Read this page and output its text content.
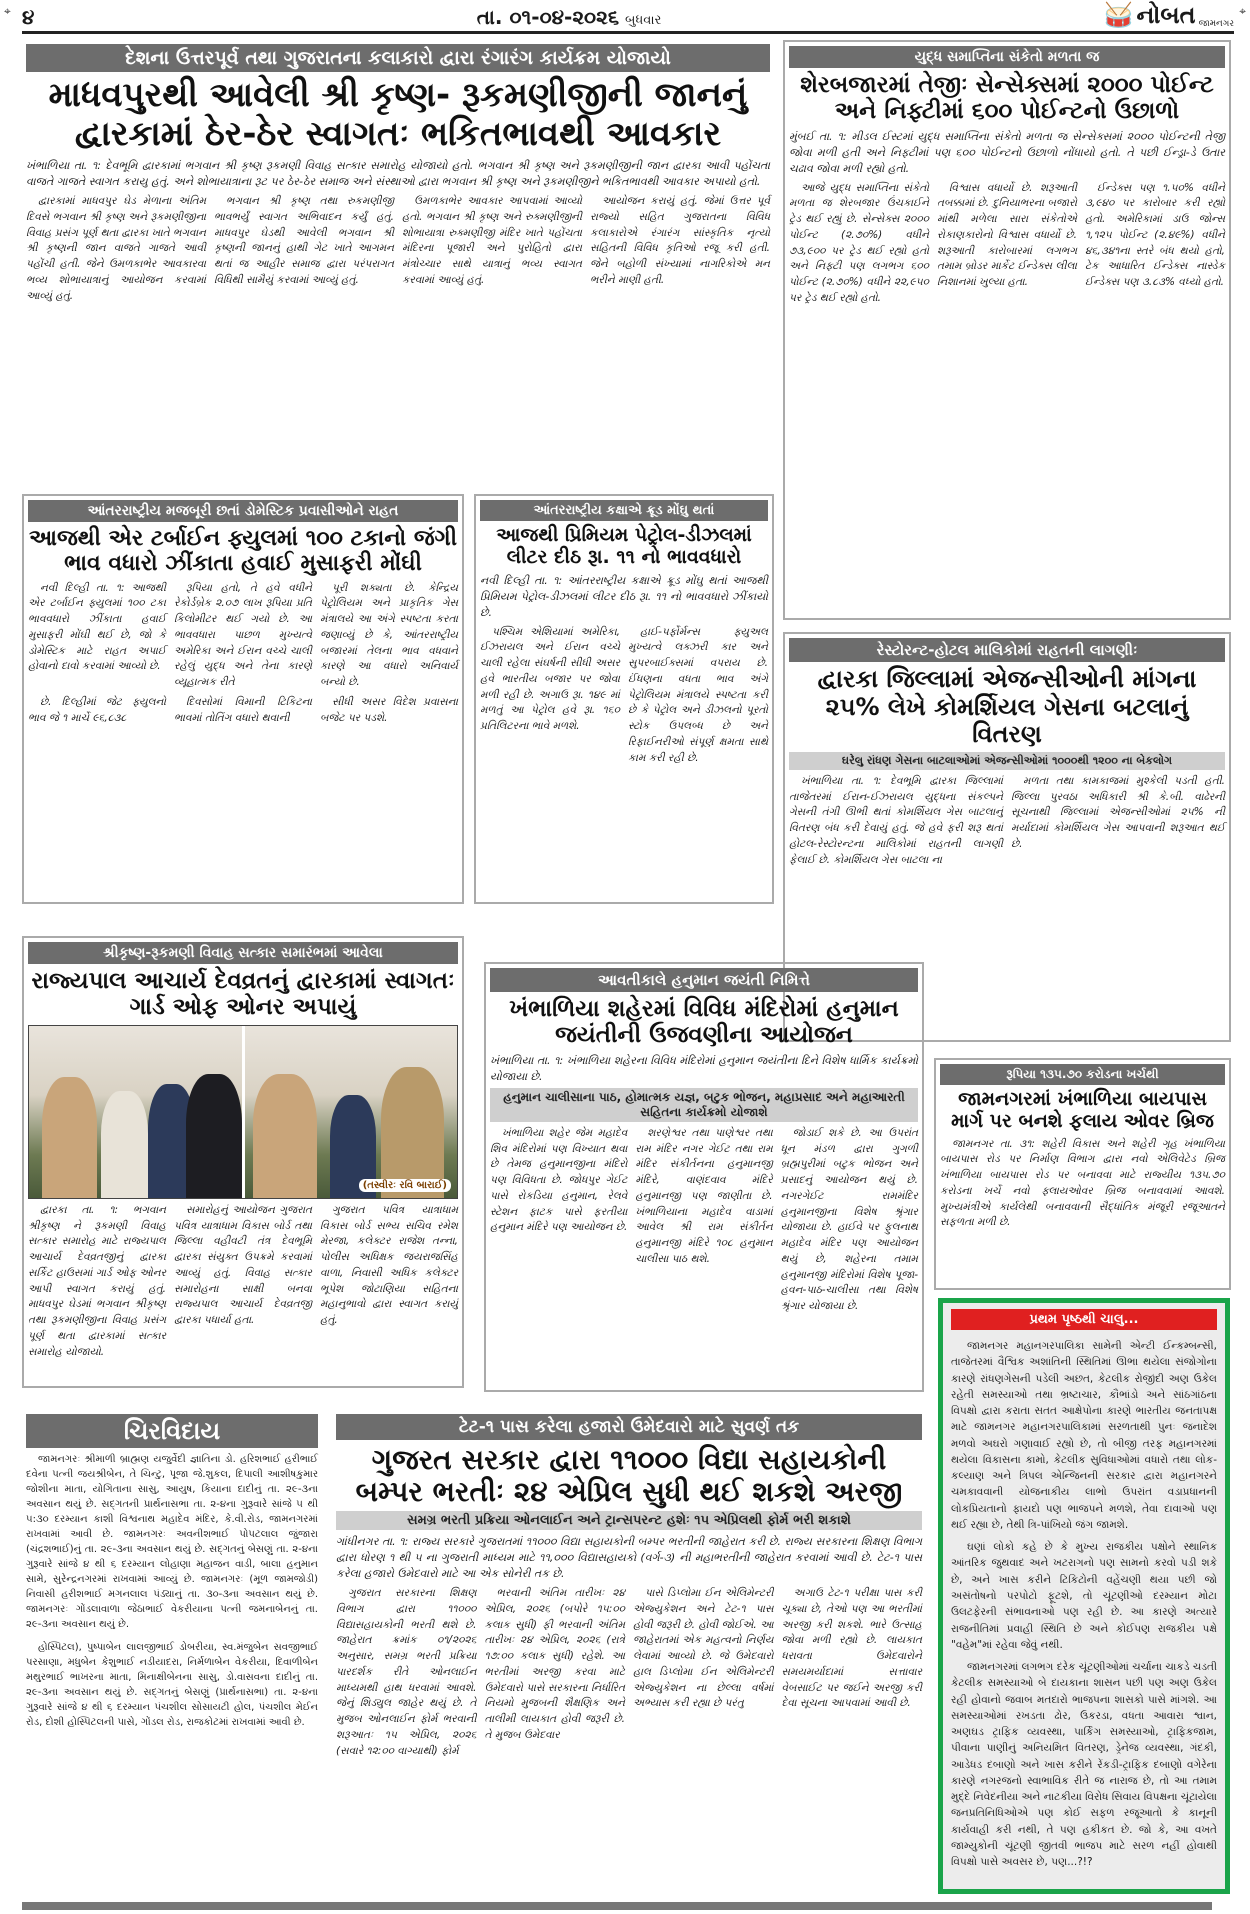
⌖	⌖
૪	તા. ૦૧-૦૪-૨૦૨૬ બુધવાર	🥁 નોબત જામનગર
દેશના ઉત્તરપૂર્વ તથા ગુજરાતના કલાકારો દ્વારા રંગારંગ કાર્યક્રમ યોજાયો
માધવપુરથી આવેલી શ્રી કૃષ્ણ- રૂકમણીજીની જાનનું દ્વારકામાં ઠેર-ઠેર સ્વાગતઃ ભકિતભાવથી આવકાર
ખંભાળિયા તા. ૧: દેવભૂમિ દ્વારકામાં ભગવાન શ્રી કૃષ્ણ રૂકમણી વિવાહ સત્કાર સમારોહ યોજાયો હતો. ભગવાન શ્રી કૃષ્ણ અને રૂકમણીજીની જાન દ્વારકા આવી પહોંચતા વાજતે ગાજતે સ્વાગત કરાયુ હતું. અને શોભાયાત્રાના રૂટ પર ઠેર-ઠેર સમાજ અને સંસ્થાઓ દ્વારા ભગવાન શ્રી કૃષ્ણ અને રૂકમણીજીને ભકિતભાવથી આવકાર અપાયો હતો.

દ્વારકામાં માધવપુર ઘેડ મેળાના અંતિમ દિવસે ભગવાન શ્રી કૃષ્ણ અને રૂકમણીજીના વિવાહ પ્રસંગ પૂર્ણ થતા દ્વારકા ખાતે ભગવાન શ્રી કૃષ્ણની જાન વાજતે ગાજતે આવી પહોંચી હતી. જેને ઉમળકાભેર આવકારવા ભવ્ય શોભાયાત્રાનું આયોજન કરવામાં આવ્યું હતું.

ભગવાન શ્રી કૃષ્ણ તથા રુકમણીજી ભાવભર્યું સ્વાગત અભિવાદન કર્યું હતું. માધવપુર ઘેડથી આવેલી ભગવાન શ્રી કૃષ્ણની જાનનું હાથી ગેટ ખાતે આગમન થતાં જ આહીર સમાજ દ્વારા પરંપરાગત વિધિથી સામૈયું કરવામાં આવ્યું હતું.

ઉમળકાભેર આવકાર આપવામાં આવ્યો હતો. ભગવાન શ્રી કૃષ્ણ અને રુક્મણીજીની શોભાયાત્રા રુક્મણીજી મંદિર ખાતે પહોંચતા મંદિરના પૂજારી અને પુરોહિતો દ્વારા મંત્રોચ્ચાર સાથે યાત્રાનું ભવ્ય સ્વાગત કરવામાં આવ્યું હતું.

આયોજન કરાયું હતું. જેમાં ઉત્તર પૂર્વ રાજ્યો સહિત ગુજરાતના વિવિધ કલાકારોએ રંગારંગ સાંસ્કૃતિક નૃત્યો સહિતની વિવિધ કૃતિઓ રજૂ કરી હતી. જેને બહોળી સંખ્યામાં નાગરિકોએ મન ભરીને માણી હતી.

યુદ્ધ સમાપ્તિના સંકેતો મળતા જ
શેરબજારમાં તેજીઃ સેન્સેક્સમાં ૨૦૦૦ પોઈન્ટ અને નિફ્ટીમાં ૬૦૦ પોઈન્ટનો ઉછાળો
મુંબઈ તા. ૧: મીડલ ઈસ્ટમાં યુદ્ધ સમાપ્તિના સંકેતો મળતા જ સેન્સેક્સમાં ૨૦૦૦ પોઈન્ટની તેજી જોવા મળી હતી અને નિફ્ટીમાં પણ ૬૦૦ પોઈન્ટનો ઉછાળો નોંધાયો હતો. તે પછી ઈન્ડ્રા-ડે ઉતાર ચઢાવ જોવા મળી રહ્યો હતો.

આજે યુદ્ધ સમાપ્તિના સંકેતો મળતા જ શેરબજાર ઉંચકાઈને ટ્રેડ થઈ રહ્યું છે. સેન્સેક્સ ૨૦૦૦ પોઈન્ટ (૨.૭૦%) વધીને ૭૩,૯૦૦ પર ટ્રેડ થઈ રહ્યો હતો અને નિફ્ટી પણ લગભગ ૬૦૦ પોઈન્ટ (૨.૭૦%) વધીને ૨૨,૯૫૦ પર ટ્રેડ થઈ રહ્યો હતો.

વિશ્વાસ વધાર્યો છે. શરૂઆતી તબક્કામાં છે. દુનિયાભરના બજારો માંથી મળેલા સારા સંકેતોએ રોકાણકારોનો વિશ્વાસ વધાર્યો છે. શરૂઆતી કારોબારમાં લગભગ તમામ બ્રોડર માર્કેટ ઈન્ડેક્સ લીલા નિશાનમાં ખુલ્યા હતા.

ઈન્ડેક્સ પણ ૧.૫૦% વધીને ૩,૯૪૦ પર કારોબાર કરી રહ્યો હતો. અમેરિકામાં ડાઉ જોન્સ ૧,૧૨૫ પોઈન્ટ (૨.૪૯%) વધીને ૪૬,૩૪૧ના સ્તરે બંધ થયો હતો, ટેક આધારિત ઈન્ડેક્સ નાસ્ડેક ઈન્ડેક્સ પણ ૩.૮૩% વધ્યો હતો.

આંતરરાષ્ટ્રીય મજબૂરી છતાં ડોમેસ્ટિક પ્રવાસીઓને રાહત
આજથી એર ટર્બાઈન ફ્યુલમાં ૧૦૦ ટકાનો જંગી ભાવ વધારો ઝીંકાતા હવાઈ મુસાફરી મોંઘી

નવી દિલ્હી તા. ૧: આજથી એર ટર્બાઈન ફ્યુલમાં ૧૦૦ ટકા ભાવવધારો ઝીંકાતા હવાઈ મુસાફરી મોંઘી થઈ છે, જો કે ડોમેસ્ટિક માટે રાહત અપાઈ હોવાનો દાવો કરવામાં આવ્યો છે.

રૂપિયા હતો, તે હવે વધીને રેકોર્ડબ્રેક ૨.૦૭ લાખ રૂપિયા પ્રતિ કિલોમીટર થઈ ગયો છે. આ ભાવવધારા પાછળ મુખ્યત્વે અમેરિકા અને ઈરાન વચ્ચે ચાલી રહેલું યુદ્ધ અને તેના કારણે વ્યૂહાત્મક રીતે

પૂરી શક્યતા છે. કેન્દ્રિય પેટ્રોલિયમ અને પ્રાકૃતિક ગેસ મંત્રાલયે આ અંગે સ્પષ્ટતા કરતા જણાવ્યું છે કે, આંતરરાષ્ટ્રીય બજારમાં તેલના ભાવ વધવાને કારણે આ વધારો અનિવાર્ય બન્યો છે.

છે. દિલ્હીમાં જેટ ફ્યુલનો ભાવ જે ૧ માર્ચે ૯૬,૮૩૮

દિવસોમાં વિમાની ટિકિટના ભાવમાં તોતિંગ વધારો થવાની

સીધી અસર વિદેશ પ્રવાસના બજેટ પર પડશે.

આંતરરાષ્ટ્રીય કક્ષાએ ક્રૂડ મોંઘુ થતાં
આજથી પ્રિમિયમ પેટ્રોલ-ડીઝલમાં લીટર દીઠ રૂા. ૧૧ નો ભાવવધારો
નવી દિલ્હી તા. ૧: આંતરરાષ્ટ્રીય કક્ષાએ ક્રૂડ મોંઘુ થતાં આજથી પ્રિમિયમ પેટ્રોલ-ડીઝલમાં લીટર દીઠ રૂા. ૧૧ નો ભાવવધારો ઝીંકાયો છે.

પશ્ચિમ એશિયામાં અમેરિકા, ઈઝરાયલ અને ઈરાન વચ્ચે ચાલી રહેલા સંઘર્ષની સીધી અસર હવે ભારતીય બજાર પર જોવા મળી રહી છે. અગાઉ રૂા. ૧૪૯ માં મળતું આ પેટ્રોલ હવે રૂા. ૧૬૦ પ્રતિલિટરના ભાવે મળશે.

હાઈ-પર્ફોર્મન્સ ફ્યુઅલ મુખ્યત્વે લક્ઝરી કાર અને સુપરબાઈક્સમાં વપરાય છે. ઈંધણના વધતા ભાવ અંગે પેટ્રોલિયમ મંત્રાલયે સ્પષ્ટતા કરી છે કે પેટ્રોલ અને ડીઝલનો પૂરતો સ્ટોક ઉપલબ્ધ છે અને રિફાઈનરીઓ સંપૂર્ણ ક્ષમતા સાથે કામ કરી રહી છે.

રેસ્ટોરન્ટ-હોટલ માલિકોમાં રાહતની લાગણીઃ
દ્વારકા જિલ્લામાં એજન્સીઓની માંગના ૨૫% લેખે કોમર્શિયલ ગેસના બટલાનું વિતરણ
ઘરેલુ રાંધણ ગેસના બાટલાઓમાં એજન્સીઓમાં ૧૦૦૦થી ૧૨૦૦ ના બેકલોગ

ખંભાળિયા તા. ૧: દેવભૂમિ દ્વારકા જિલ્લામાં તાજેતરમાં ઈરાન-ઈઝરાયલ યુદ્ધના સંકલ્પને ગેસની તંગી ઊભી થતાં કોમર્શિયલ ગેસ બાટલાનું વિતરણ બંધ કરી દેવાયું હતું. જે હવે ફરી શરૂ થતાં હોટલ-રેસ્ટોરન્ટના માલિકોમાં રાહતની લાગણી ફેલાઈ છે. કોમર્શિયલ ગેસ બાટલા ના

મળતા તથા કામકાજમાં મુશ્કેલી પડતી હતી. જિલ્લા પુરવઠા અધિકારી શ્રી કે.બી. વાઢેરની સૂચનાથી જિલ્લામાં એજન્સીઓમાં ૨૫% ની મર્યાદામાં કોમર્શિયલ ગેસ આપવાની શરૂઆત થઈ છે.

શ્રીકૃષ્ણ-રૂકમણી વિવાહ સત્કાર સમારંભમાં આવેલા
રાજ્યપાલ આચાર્ય દેવવ્રતનું દ્વારકામાં સ્વાગતઃ ગાર્ડ ઓફ ઓનર અપાયું
(તસ્વીરઃ રવિ બારાઈ)

દ્વારકા તા. ૧: ભગવાન શ્રીકૃષ્ણ ને રૂકમણી વિવાહ સત્કાર સમારોહ માટે રાજ્યપાલ આચાર્ય દેવવ્રતજીનું દ્વારકા સર્કિટ હાઉસમાં ગાર્ડ ઓફ ઓનર આપી સ્વાગત કરાયું હતું. માધવપુર ઘેડમાં ભગવાન શ્રીકૃષ્ણ તથા રૂકમણીજીના વિવાહ પ્રસંગ પૂર્ણ થતા દ્વારકામાં સત્કાર સમારોહ યોજાયો.

સમારોહનું આયોજન ગુજરાત પવિત્ર યાત્રાધામ વિકાસ બોર્ડ તથા જિલ્લા વહીવટી તંત્ર દેવભૂમિ દ્વારકા સંયુક્ત ઉપક્રમે કરવામાં આવ્યું હતું. વિવાહ સત્કાર સમારોહના સાક્ષી બનવા રાજ્યપાલ આચાર્ય દેવવ્રતજી દ્વારકા પધાર્યા હતા.

ગુજરાત પવિત્ર યાત્રાધામ વિકાસ બોર્ડ સભ્ય સચિવ રમેશ મેરજા, કલેક્ટર રાજેશ તન્ના, પોલીસ અધિક્ષક જયરાજસિંહ વાળા, નિવાસી અધિક કલેક્ટર ભૂપેશ જોટાણિયા સહિતના મહાનુભાવો દ્વારા સ્વાગત કરાયું હતું.

આવતીકાલે હનુમાન જયંતી નિમિત્તે
ખંભાળિયા શહેરમાં વિવિધ મંદિરોમાં હનુમાન જયંતીની ઉજવણીના આયોજન
ખંભાળિયા તા. ૧: ખંભાળિયા શહેરના વિવિધ મંદિરોમાં હનુમાન જયંતીના દિને વિશેષ ધાર્મિક કાર્યક્રમો યોજાયા છે.
હનુમાન ચાલીસાના પાઠ, હોમાત્મક યજ્ઞ, બટુક ભોજન, મહાપ્રસાદ અને મહાઆરતી સહિતના કાર્યક્રમો યોજાશે

ખંભાળિયા શહેર જેમ મહાદેવ શિવ મંદિરોમાં પણ વિખ્યાત થવા છે તેમજ હનુમાનજીના મંદિરો પણ વિવિધતા છે. જોધપુર ગેઈટ પાસે રોકડિયા હનુમાન, રેલવે સ્ટેશન ફાટક પાસે ફરતીયા હનુમાન મંદિરે પણ આયોજન છે.

શરણેશ્વર તથા પાણેશ્વર તથા રામ મંદિર નગર ગેઈટ તથા રામ મંદિર સંકીર્તનના હનુમાનજી મંદિરે, વાણંદવાવ મંદિરે હનુમાનજી પણ જાણીતા છે. ખંભાળિયાના મહાદેવ વાડામાં આવેલ શ્રી રામ સંકીર્તન હનુમાનજી મંદિરે ૧૦૮ હનુમાન ચાલીસા પાઠ થશે.

જોડાઈ શકે છે. આ ઉપરાંત ધૂન મંડળ દ્વારા ગુગળી બ્રહ્મપુરીમાં બટુક ભોજન અને પ્રસાદનું આયોજન થયું છે. નગરગેઈટ રામમંદિર હનુમાનજીના વિશેષ શ્રૃંગાર યોજાયા છે. હાઈવે પર ફુલનાથ મહાદેવ મંદિર પણ આયોજન થયું છે, શહેરના તમામ હનુમાનજી મંદિરોમાં વિશેષ પૂજા-હવન-પાઠ-ચાલીસા તથા વિશેષ શ્રૃંગાર યોજાયા છે.

રૂપિયા ૧૩૫.૭૦ કરોડના ખર્ચથી
જામનગરમાં ખંભાળિયા બાયપાસ માર્ગ પર બનશે ફલાય ઓવર બ્રિજ

જામનગર તા. ૩૧: શહેરી વિકાસ અને શહેરી ગૃહ ખંભાળિયા બાયપાસ રોડ પર નિર્માણ વિભાગ દ્વારા નવો એલિવેટેડ બ્રિજ ખંભાળિયા બાયપાસ રોડ પર બનાવવા માટે રાજ્યીય ૧૩૫.૭૦ કરોડના ખર્ચે નવો ફ્લાયઓવર બ્રિજ બનાવવામાં આવશે. મુખ્યમંત્રીએ કાર્યલેથી બનાવવાની સૈદ્ધાંતિક મંજૂરી રજૂઆતને સફળતા મળી છે.

ચિરવિદાય

જામનગરઃ શ્રીમાળી બ્રાહ્મણ યજુર્વેદી જ્ઞાતિના ડો. હરિશભાઈ હરીભાઈ દવેના પત્ની જયશ્રીબેન, તે ચિન્ટુ, પૂજા જે.શુકલ, દિપાલી આશીષકુમાર જોશીના માતા, યોગિતાના સાસુ, આયુષ, કિયાના દાદીનું તા. ૨૯-૩ના અવસાન થયું છે. સદ્ગતની પ્રાર્થનાસભા તા. ૨-૪ના ગુરૂવારે સાંજે ૫ થી ૫:૩૦ દરમ્યાન કાશી વિશ્વનાથ મહાદેવ મંદિર, કે.વી.રોડ, જામનગરમાં રાખવામાં આવી છે. જામનગરઃ અવનીશભાઈ પોપટલાલ જુંજારા (ચંદ્રશભાઈ)નું તા. ૨૯-૩ના અવસાન થયું છે. સદ્ગતનું બેસણું તા. ૨-૪ના ગુરૂવારે સાંજે ૪ થી ૬ દરમ્યાન લોહાણા મહાજન વાડી, બાલા હનુમાન સામે, સુરેન્દ્રનગરમાં રાખવામાં આવ્યું છે. જામનગરઃ (મૂળ જામજોડી) નિવાસી હરીશભાઈ મગનલાલ પંડ્યાનું તા. ૩૦-૩ના અવસાન થયું છે. જામનગરઃ ગોંડલાવાળા જેઠાભાઈ વેકરીયાના પત્ની જમનાબેનનું તા. ૨૯-૩ના અવસાન થયું છે.

હોસ્પિટલ), પુષ્પાબેન લાલજીભાઈ ડોબરીયા, સ્વ.મંજુબેન સવજીભાઈ પરસાણા, મધુબેન કેશુભાઈ નડીયાદરા, નિર્મળાબેન વેકરીયા, દિવાળીબેન મથુરભાઈ ભાખરના માતા, મિનાક્ષીબેનના સાસુ, ડો.વાસવના દાદીનું તા. ૨૯-૩ના અવસાન થયું છે. સદ્ગતનું બેસણું (પ્રાર્થનાસભા) તા. ૨-૪ના ગુરૂવારે સાંજે ૪ થી ૬ દરમ્યાન પંચશીલ સોસાયટી હોલ, પંચશીલ મેઈન રોડ, દોશી હોસ્પિટલની પાસે, ગોંડલ રોડ, રાજકોટમાં રાખવામાં આવી છે.

ટેટ-૧ પાસ કરેલા હજારો ઉમેદવારો માટે સુવર્ણ તક
ગુજરત સરકાર દ્વારા ૧૧૦૦૦ વિદ્યા સહાયકોની બમ્પર ભરતીઃ ૨૪ એપ્રિલ સુધી થઈ શકશે અરજી
સમગ્ર ભરતી પ્રક્રિયા ઓનલાઈન અને ટ્રાન્સપરન્ટ હશેઃ ૧૫ એપ્રિલથી ફોર્મ ભરી શકાશે
ગાંધીનગર તા. ૧: રાજ્ય સરકારે ગુજરાતમાં ૧૧૦૦૦ વિદ્યા સહાયકોની બમ્પર ભરતીની જાહેરાત કરી છે. રાજ્ય સરકારના શિક્ષણ વિભાગ દ્વારા ધોરણ ૧ થી ૫ ના ગુજરાતી માધ્યમ માટે ૧૧,૦૦૦ વિદ્યાસહાયકો (વર્ગ-૩) ની મહાભરતીની જાહેરાત કરવામાં આવી છે. ટેટ-૧ પાસ કરેલા હજારો ઉમેદવારો માટે આ એક સોનેરી તક છે.

ગુજરાત સરકારના શિક્ષણ વિભાગ દ્વારા ૧૧૦૦૦ વિદ્યાસહાયકોની ભરતી થશે છે. જાહેરાત ક્રમાંક ૦૧/૨૦૨૬ અનુસાર, સમગ્ર ભરતી પ્રક્રિયા પારદર્શક રીતે ઓનલાઈન માધ્યમથી હાથ ધરવામાં આવશે. જેનું શિડ્યુલ જાહેર થયું છે. તે મુજબ ઓનલાઈન ફોર્મ ભરવાની શરૂઆતઃ ૧૫ એપ્રિલ, ૨૦૨૬ (સવારે ૧૨:૦૦ વાગ્યાથી) ફોર્મ

ભરવાની અંતિમ તારીખઃ ૨૪ એપ્રિલ, ૨૦૨૬ (બપોરે ૧૫:૦૦ કલાક સુધી) ફી ભરવાની અંતિમ તારીખઃ ૨૪ એપ્રિલ, ૨૦૨૬ (રાત્રે ૧૭:૦૦ કલાક સુધી) રહેશે. આ ભરતીમાં અરજી કરવા માટે ઉમેદવારો પાસે સરકારના નિર્ધારિત નિયમો મુજબની શૈક્ષણિક અને તાલીમી લાયકાત હોવી જરૂરી છે. તે મુજબ ઉમેદવાર

પાસે ડિપ્લોમા ઈન એલિમેન્ટરી એજ્યુકેશન અને ટેટ-૧ પાસ હોવી જરૂરી છે. હોવી જોઈએ. આ જાહેરાતમાં એક મહત્વનો નિર્ણય લેવામાં આવ્યો છે. જે ઉમેદવારો હાલ ડિપ્લોમા ઈન એલિમેન્ટરી એજ્યુકેશન ના છેલ્લા વર્ષમાં અભ્યાસ કરી રહ્યા છે પરંતુ

અગાઉ ટેટ-૧ પરીક્ષા પાસ કરી ચૂક્યા છે, તેઓ પણ આ ભરતીમાં અરજી કરી શકશે. ભારે ઉત્સાહ જોવા મળી રહ્યો છે. લાયકાત ધરાવતા ઉમેદવારોને સમયમર્યાદામાં સત્તાવાર વેબસાઈટ પર જઈને અરજી કરી દેવા સૂચના આપવામાં આવી છે.

પ્રથમ પૃષ્ઠથી ચાલુ...

જામનગર મહાનગરપાલિકા સામેની એન્ટી ઈન્કમ્બન્સી, તાજેતરમાં વૈશ્વિક અશાંતિની સ્થિતિમાં ઊભા થયેલા સંજોગોના કારણે રાંધણગેસની પડેલી અછત, કેટલીક રોજીંદી અણ ઉકેલ રહેતી સમસ્યાઓ તથા ભ્રષ્ટાચાર, કૌભાંડો અને સાંઠગાંઠના વિપક્ષો દ્વારા કરાતા સતત આક્ષેપોના કારણે ભારતીય જનતાપક્ષ માટે જામનગર મહાનગરપાલિકામાં સરળતાથી પુનઃ જનાદેશ મળવો અઘરો ગણાવાઈ રહ્યો છે, તો બીજી તરફ મહાનગરમાં થયેલા વિકાસના કામો, કેટલીક સુવિધાઓમાં વધારો તથા લોક-કલ્યાણ અને ત્રિપલ એન્જિનની સરકાર દ્વારા મહાનગરને ચમકાવવાની યોજનાકીય લાભો ઉપરાંત વડાપ્રધાનની લોકપ્રિયતાનો ફાયદો પણ ભાજપને મળશે, તેવા દાવાઓ પણ થઈ રહ્યા છે, તેથી ત્રિ-પાંખિયો જંગ જામશે.

ઘણાં લોકો કહે છે કે મુખ્ય રાજકીય પક્ષોને સ્થાનિક આંતરિક જુથવાદ અને ખટરાગનો પણ સામનો કરવો પડી શકે છે, અને ખાસ કરીને ટિકિટોની વહેંચણી થયા પછી જો અસંતોષનો પરપોટો ફૂટશે, તો ચૂંટણીઓ દરમ્યાન મોટા ઉલટફેરની સંભાવનાઓ પણ રહી છે. આ કારણે અત્યારે રાજનીતિમાં પ્રવાહી સ્થિતિ છે અને કોઈપણ રાજકીય પક્ષે "વહેમ"માં રહેવા જેવું નથી.

જામનગરમાં લગભગ દરેક ચૂંટણીઓમાં ચર્ચાના ચાકડે ચડતી કેટલીક સમસ્યાઓ બે દાયકાના શાસન પછી પણ અણ ઉકેલ રહી હોવાનો જવાબ મતદારો ભાજપના શાસકો પાસે માંગશે. આ સમસ્યાઓમાં રખડતા ઢોર, ઉકરડા, વધતા આવારા શ્વાન, અણઘડ ટ્રાફિક વ્યવસ્થા, પાર્કિંગ સમસ્યાઓ, ટ્રાફિકજામ, પીવાના પાણીનું અનિયમિત વિતરણ, ડ્રેનેજ વ્યવસ્થા, ગંદકી, આડેધડ દબાણો અને ખાસ કરીને રેંકડી-ટ્રાફિક દબાણો વગેરેના કારણે નગરજનો સ્વાભાવિક રીતે જ નારાજ છે, તો આ તમામ મુદ્દે નિવેદનીયા અને નાટકીયા વિરોધ સિવાય વિપક્ષના ચૂંટાયેલા જનપ્રતિનિધિઓએ પણ કોઈ સફળ રજૂઆતો કે કાનૂની કાર્યવાહી કરી નથી, તે પણ હકીકત છે. જો કે, આ વખતે જામ્યુકોની ચૂંટણી જીતવી ભાજપ માટે સરળ નહીં હોવાથી વિપક્ષો પાસે અવસર છે, પણ...?!?
